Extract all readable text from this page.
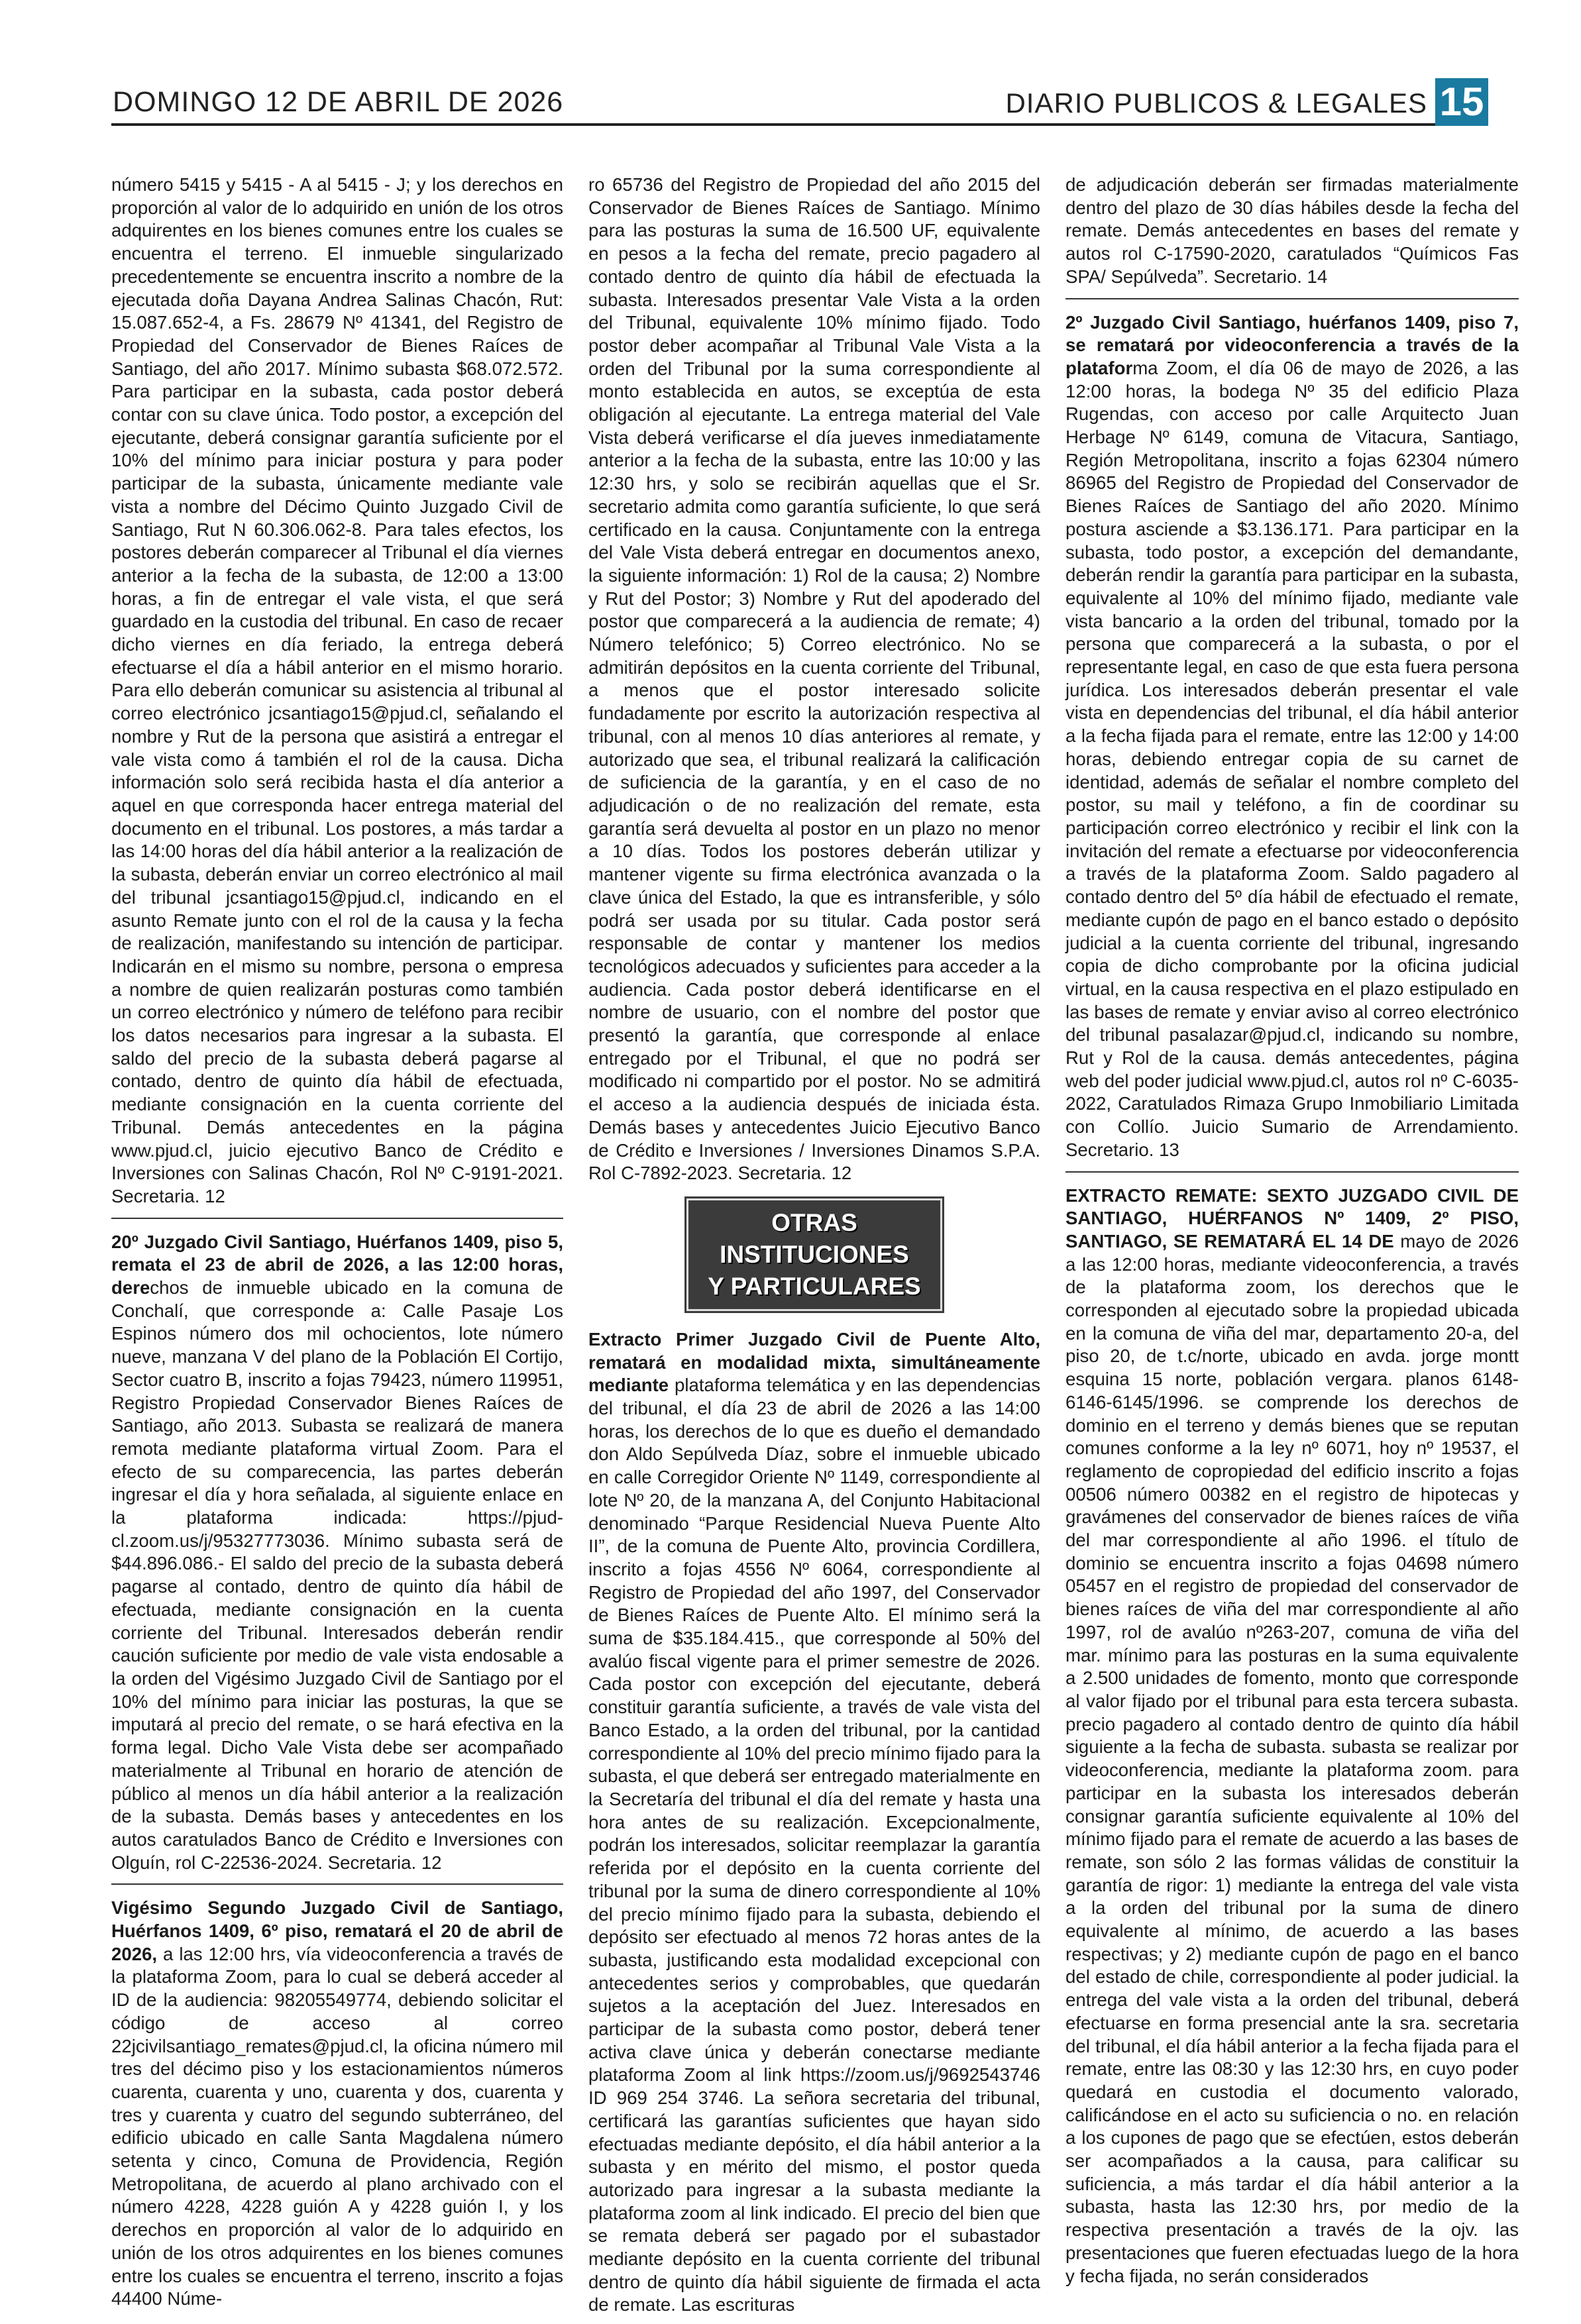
DOMINGO 12 DE ABRIL DE 2026	DIARIO PUBLICOS & LEGALES 15

número 5415 y 5415 - A al 5415 - J; y los derechos en proporción al valor de lo adquirido en unión de los otros adquirentes en los bienes comunes entre los cuales se encuentra el terreno. El inmueble singularizado precedentemente se encuentra inscrito a nombre de la ejecutada doña Dayana Andrea Salinas Chacón, Rut: 15.087.652-4, a Fs. 28679 Nº 41341, del Registro de Propiedad del Conservador de Bienes Raíces de Santiago, del año 2017. Mínimo subasta $68.072.572. Para participar en la subasta, cada postor deberá contar con su clave única. Todo postor, a excepción del ejecutante, deberá consignar garantía suficiente por el 10% del mínimo para iniciar postura y para poder participar de la subasta, únicamente mediante vale vista a nombre del Décimo Quinto Juzgado Civil de Santiago, Rut N 60.306.062-8. Para tales efectos, los postores deberán comparecer al Tribunal el día viernes anterior a la fecha de la subasta, de 12:00 a 13:00 horas, a fin de entregar el vale vista, el que será guardado en la custodia del tribunal. En caso de recaer dicho viernes en día feriado, la entrega deberá efectuarse el día a hábil anterior en el mismo horario. Para ello deberán comunicar su asistencia al tribunal al correo electrónico jcsantiago15@pjud.cl, señalando el nombre y Rut de la persona que asistirá a entregar el vale vista como á también el rol de la causa. Dicha información solo será recibida hasta el día anterior a aquel en que corresponda hacer entrega material del documento en el tribunal. Los postores, a más tardar a las 14:00 horas del día hábil anterior a la realización de la subasta, deberán enviar un correo electrónico al mail del tribunal jcsantiago15@pjud.cl, indicando en el asunto Remate junto con el rol de la causa y la fecha de realización, manifestando su intención de participar. Indicarán en el mismo su nombre, persona o empresa a nombre de quien realizarán posturas como también un correo electrónico y número de teléfono para recibir los datos necesarios para ingresar a la subasta. El saldo del precio de la subasta deberá pagarse al contado, dentro de quinto día hábil de efectuada, mediante consignación en la cuenta corriente del Tribunal. Demás antecedentes en la página www.pjud.cl, juicio ejecutivo Banco de Crédito e Inversiones con Salinas Chacón, Rol Nº C-9191-2021. Secretaria. 12

20º Juzgado Civil Santiago, Huérfanos 1409, piso 5, remata el 23 de abril de 2026, a las 12:00 horas, derechos de inmueble ubicado en la comuna de Conchalí, que corresponde a: Calle Pasaje Los Espinos número dos mil ochocientos, lote número nueve, manzana V del plano de la Población El Cortijo, Sector cuatro B, inscrito a fojas 79423, número 119951, Registro Propiedad Conservador Bienes Raíces de Santiago, año 2013. Subasta se realizará de manera remota mediante plataforma virtual Zoom. Para el efecto de su comparecencia, las partes deberán ingresar el día y hora señalada, al siguiente enlace en la plataforma indicada: https://pjud-cl.zoom.us/j/95327773036. Mínimo subasta será de $44.896.086.- El saldo del precio de la subasta deberá pagarse al contado, dentro de quinto día hábil de efectuada, mediante consignación en la cuenta corriente del Tribunal. Interesados deberán rendir caución suficiente por medio de vale vista endosable a la orden del Vigésimo Juzgado Civil de Santiago por el 10% del mínimo para iniciar las posturas, la que se imputará al precio del remate, o se hará efectiva en la forma legal. Dicho Vale Vista debe ser acompañado materialmente al Tribunal en horario de atención de público al menos un día hábil anterior a la realización de la subasta. Demás bases y antecedentes en los autos caratulados Banco de Crédito e Inversiones con Olguín, rol C-22536-2024. Secretaria. 12

Vigésimo Segundo Juzgado Civil de Santiago, Huérfanos 1409, 6º piso, rematará el 20 de abril de 2026, a las 12:00 hrs, vía videoconferencia a través de la plataforma Zoom, para lo cual se deberá acceder al ID de la audiencia: 98205549774, debiendo solicitar el código de acceso al correo 22jcivilsantiago_remates@pjud.cl, la oficina número mil tres del décimo piso y los estacionamientos números cuarenta, cuarenta y uno, cuarenta y dos, cuarenta y tres y cuarenta y cuatro del segundo subterráneo, del edificio ubicado en calle Santa Magdalena número setenta y cinco, Comuna de Providencia, Región Metropolitana, de acuerdo al plano archivado con el número 4228, 4228 guión A y 4228 guión I, y los derechos en proporción al valor de lo adquirido en unión de los otros adquirentes en los bienes comunes entre los cuales se encuentra el terreno, inscrito a fojas 44400 Núme-

ro 65736 del Registro de Propiedad del año 2015 del Conservador de Bienes Raíces de Santiago. Mínimo para las posturas la suma de 16.500 UF, equivalente en pesos a la fecha del remate, precio pagadero al contado dentro de quinto día hábil de efectuada la subasta. Interesados presentar Vale Vista a la orden del Tribunal, equivalente 10% mínimo fijado. Todo postor deber acompañar al Tribunal Vale Vista a la orden del Tribunal por la suma correspondiente al monto establecida en autos, se exceptúa de esta obligación al ejecutante. La entrega material del Vale Vista deberá verificarse el día jueves inmediatamente anterior a la fecha de la subasta, entre las 10:00 y las 12:30 hrs, y solo se recibirán aquellas que el Sr. secretario admita como garantía suficiente, lo que será certificado en la causa. Conjuntamente con la entrega del Vale Vista deberá entregar en documentos anexo, la siguiente información: 1) Rol de la causa; 2) Nombre y Rut del Postor; 3) Nombre y Rut del apoderado del postor que comparecerá a la audiencia de remate; 4) Número telefónico; 5) Correo electrónico. No se admitirán depósitos en la cuenta corriente del Tribunal, a menos que el postor interesado solicite fundadamente por escrito la autorización respectiva al tribunal, con al menos 10 días anteriores al remate, y autorizado que sea, el tribunal realizará la calificación de suficiencia de la garantía, y en el caso de no adjudicación o de no realización del remate, esta garantía será devuelta al postor en un plazo no menor a 10 días. Todos los postores deberán utilizar y mantener vigente su firma electrónica avanzada o la clave única del Estado, la que es intransferible, y sólo podrá ser usada por su titular. Cada postor será responsable de contar y mantener los medios tecnológicos adecuados y suficientes para acceder a la audiencia. Cada postor deberá identificarse en el nombre de usuario, con el nombre del postor que presentó la garantía, que corresponde al enlace entregado por el Tribunal, el que no podrá ser modificado ni compartido por el postor. No se admitirá el acceso a la audiencia después de iniciada ésta. Demás bases y antecedentes Juicio Ejecutivo Banco de Crédito e Inversiones / Inversiones Dinamos S.P.A. Rol C-7892-2023. Secretaria. 12

OTRAS INSTITUCIONES
Y PARTICULARES

Extracto Primer Juzgado Civil de Puente Alto, rematará en modalidad mixta, simultáneamente mediante plataforma telemática y en las dependencias del tribunal, el día 23 de abril de 2026 a las 14:00 horas, los derechos de lo que es dueño el demandado don Aldo Sepúlveda Díaz, sobre el inmueble ubicado en calle Corregidor Oriente Nº 1149, correspondiente al lote Nº 20, de la manzana A, del Conjunto Habitacional denominado “Parque Residencial Nueva Puente Alto II”, de la comuna de Puente Alto, provincia Cordillera, inscrito a fojas 4556 Nº 6064, correspondiente al Registro de Propiedad del año 1997, del Conservador de Bienes Raíces de Puente Alto. El mínimo será la suma de $35.184.415., que corresponde al 50% del avalúo fiscal vigente para el primer semestre de 2026. Cada postor con excepción del ejecutante, deberá constituir garantía suficiente, a través de vale vista del Banco Estado, a la orden del tribunal, por la cantidad correspondiente al 10% del precio mínimo fijado para la subasta, el que deberá ser entregado materialmente en la Secretaría del tribunal el día del remate y hasta una hora antes de su realización. Excepcionalmente, podrán los interesados, solicitar reemplazar la garantía referida por el depósito en la cuenta corriente del tribunal por la suma de dinero correspondiente al 10% del precio mínimo fijado para la subasta, debiendo el depósito ser efectuado al menos 72 horas antes de la subasta, justificando esta modalidad excepcional con antecedentes serios y comprobables, que quedarán sujetos a la aceptación del Juez. Interesados en participar de la subasta como postor, deberá tener activa clave única y deberán conectarse mediante plataforma Zoom al link https://zoom.us/j/9692543746 ID 969 254 3746. La señora secretaria del tribunal, certificará las garantías suficientes que hayan sido efectuadas mediante depósito, el día hábil anterior a la subasta y en mérito del mismo, el postor queda autorizado para ingresar a la subasta mediante la plataforma zoom al link indicado. El precio del bien que se remata deberá ser pagado por el subastador mediante depósito en la cuenta corriente del tribunal dentro de quinto día hábil siguiente de firmada el acta de remate. Las escrituras

de adjudicación deberán ser firmadas materialmente dentro del plazo de 30 días hábiles desde la fecha del remate. Demás antecedentes en bases del remate y autos rol C-17590-2020, caratulados “Químicos Fas SPA/ Sepúlveda”. Secretario. 14

2º Juzgado Civil Santiago, huérfanos 1409, piso 7, se rematará por videoconferencia a través de la plataforma Zoom, el día 06 de mayo de 2026, a las 12:00 horas, la bodega Nº 35 del edificio Plaza Rugendas, con acceso por calle Arquitecto Juan Herbage Nº 6149, comuna de Vitacura, Santiago, Región Metropolitana, inscrito a fojas 62304 número 86965 del Registro de Propiedad del Conservador de Bienes Raíces de Santiago del año 2020. Mínimo postura asciende a $3.136.171. Para participar en la subasta, todo postor, a excepción del demandante, deberán rendir la garantía para participar en la subasta, equivalente al 10% del mínimo fijado, mediante vale vista bancario a la orden del tribunal, tomado por la persona que comparecerá a la subasta, o por el representante legal, en caso de que esta fuera persona jurídica. Los interesados deberán presentar el vale vista en dependencias del tribunal, el día hábil anterior a la fecha fijada para el remate, entre las 12:00 y 14:00 horas, debiendo entregar copia de su carnet de identidad, además de señalar el nombre completo del postor, su mail y teléfono, a fin de coordinar su participación correo electrónico y recibir el link con la invitación del remate a efectuarse por videoconferencia a través de la plataforma Zoom. Saldo pagadero al contado dentro del 5º día hábil de efectuado el remate, mediante cupón de pago en el banco estado o depósito judicial a la cuenta corriente del tribunal, ingresando copia de dicho comprobante por la oficina judicial virtual, en la causa respectiva en el plazo estipulado en las bases de remate y enviar aviso al correo electrónico del tribunal pasalazar@pjud.cl, indicando su nombre, Rut y Rol de la causa. demás antecedentes, página web del poder judicial www.pjud.cl, autos rol nº C-6035-2022, Caratulados Rimaza Grupo Inmobiliario Limitada con Collío. Juicio Sumario de Arrendamiento. Secretario. 13

EXTRACTO REMATE: SEXTO JUZGADO CIVIL DE SANTIAGO, HUÉRFANOS Nº 1409, 2º PISO, SANTIAGO, SE REMATARÁ EL 14 DE mayo de 2026 a las 12:00 horas, mediante videoconferencia, a través de la plataforma zoom, los derechos que le corresponden al ejecutado sobre la propiedad ubicada en la comuna de viña del mar, departamento 20-a, del piso 20, de t.c/norte, ubicado en avda. jorge montt esquina 15 norte, población vergara. planos 6148-6146-6145/1996. se comprende los derechos de dominio en el terreno y demás bienes que se reputan comunes conforme a la ley nº 6071, hoy nº 19537, el reglamento de copropiedad del edificio inscrito a fojas 00506 número 00382 en el registro de hipotecas y gravámenes del conservador de bienes raíces de viña del mar correspondiente al año 1996. el título de dominio se encuentra inscrito a fojas 04698 número 05457 en el registro de propiedad del conservador de bienes raíces de viña del mar correspondiente al año 1997, rol de avalúo nº263-207, comuna de viña del mar. mínimo para las posturas en la suma equivalente a 2.500 unidades de fomento, monto que corresponde al valor fijado por el tribunal para esta tercera subasta. precio pagadero al contado dentro de quinto día hábil siguiente a la fecha de subasta. subasta se realizar por videoconferencia, mediante la plataforma zoom. para participar en la subasta los interesados deberán consignar garantía suficiente equivalente al 10% del mínimo fijado para el remate de acuerdo a las bases de remate, son sólo 2 las formas válidas de constituir la garantía de rigor: 1) mediante la entrega del vale vista a la orden del tribunal por la suma de dinero equivalente al mínimo, de acuerdo a las bases respectivas; y 2) mediante cupón de pago en el banco del estado de chile, correspondiente al poder judicial. la entrega del vale vista a la orden del tribunal, deberá efectuarse en forma presencial ante la sra. secretaria del tribunal, el día hábil anterior a la fecha fijada para el remate, entre las 08:30 y las 12:30 hrs, en cuyo poder quedará en custodia el documento valorado, calificándose en el acto su suficiencia o no. en relación a los cupones de pago que se efectúen, estos deberán ser acompañados a la causa, para calificar su suficiencia, a más tardar el día hábil anterior a la subasta, hasta las 12:30 hrs, por medio de la respectiva presentación a través de la ojv. las presentaciones que fueren efectuadas luego de la hora y fecha fijada, no serán considerados
